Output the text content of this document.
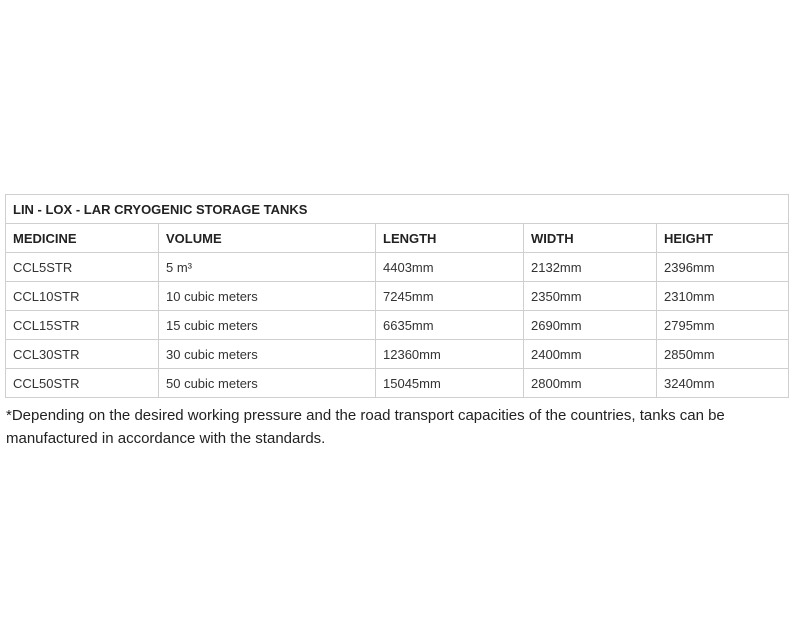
LIN - LOX - LAR CRYOGENIC STORAGE TANKS				
MEDICINE	VOLUME	LENGTH	WIDTH	HEIGHT
CCL5STR	5 m³	4403mm	2132mm	2396mm
CCL10STR	10 cubic meters	7245mm	2350mm	2310mm
CCL15STR	15 cubic meters	6635mm	2690mm	2795mm
CCL30STR	30 cubic meters	12360mm	2400mm	2850mm
CCL50STR	50 cubic meters	15045mm	2800mm	3240mm

*Depending on the desired working pressure and the road transport capacities of the countries, tanks can be manufactured in accordance with the standards.
